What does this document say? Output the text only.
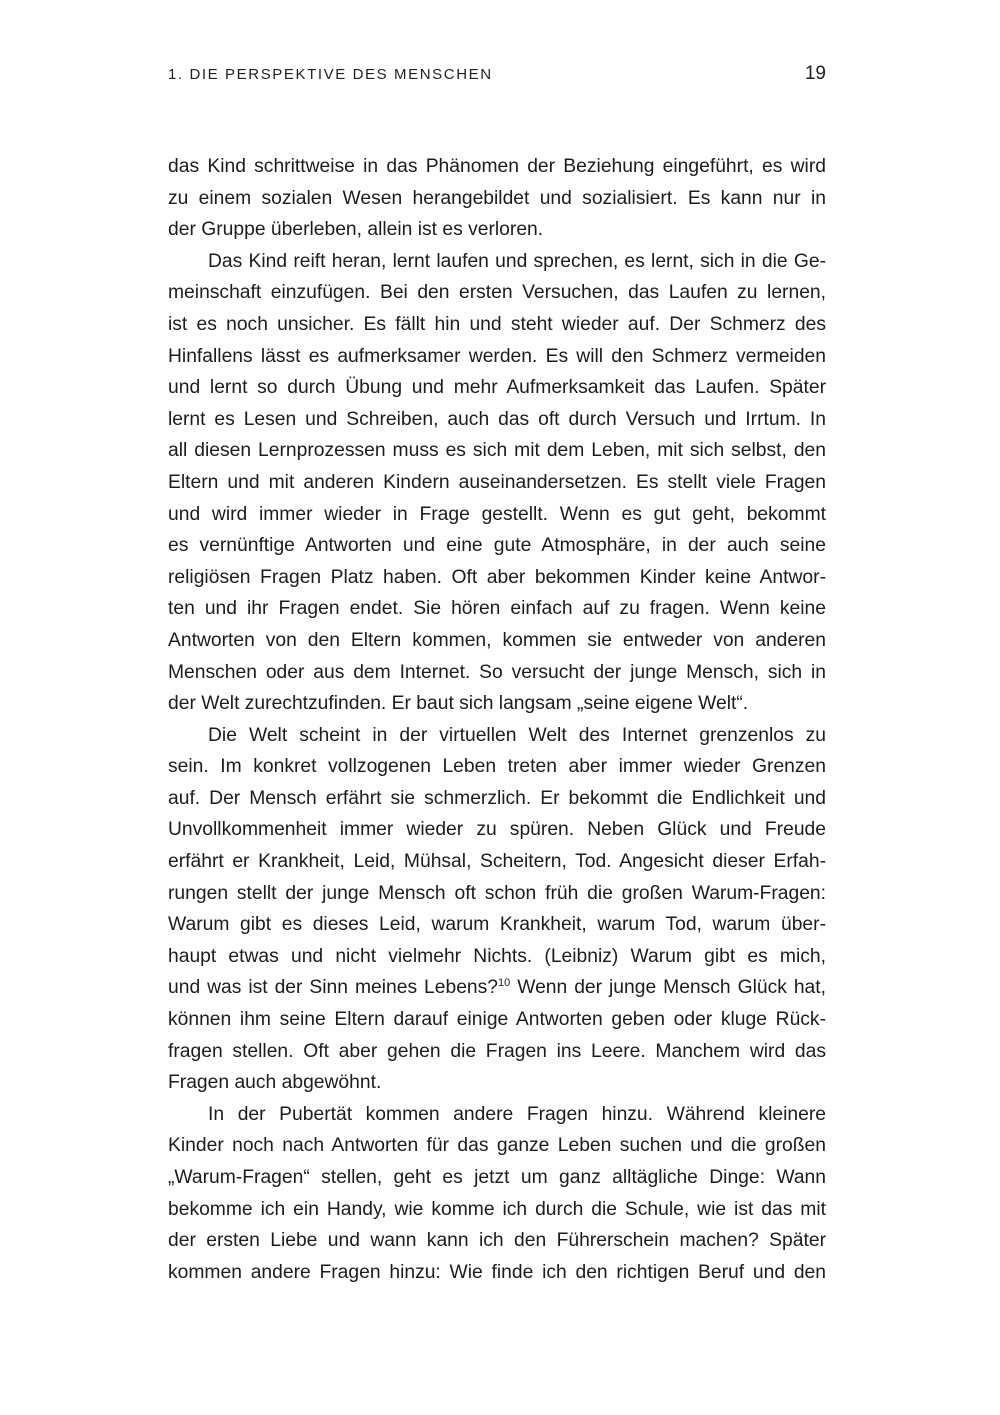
1. DIE PERSPEKTIVE DES MENSCHEN	19

das Kind schrittweise in das Phänomen der Beziehung eingeführt, es wird
zu einem sozialen Wesen herangebildet und sozialisiert. Es kann nur in
der Gruppe überleben, allein ist es verloren.

Das Kind reift heran, lernt laufen und sprechen, es lernt, sich in die Ge-
meinschaft einzufügen. Bei den ersten Versuchen, das Laufen zu lernen,
ist es noch unsicher. Es fällt hin und steht wieder auf. Der Schmerz des
Hinfallens lässt es aufmerksamer werden. Es will den Schmerz vermeiden
und lernt so durch Übung und mehr Aufmerksamkeit das Laufen. Später
lernt es Lesen und Schreiben, auch das oft durch Versuch und Irrtum. In
all diesen Lernprozessen muss es sich mit dem Leben, mit sich selbst, den
Eltern und mit anderen Kindern auseinandersetzen. Es stellt viele Fragen
und wird immer wieder in Frage gestellt. Wenn es gut geht, bekommt
es vernünftige Antworten und eine gute Atmosphäre, in der auch seine
religiösen Fragen Platz haben. Oft aber bekommen Kinder keine Antwor-
ten und ihr Fragen endet. Sie hören einfach auf zu fragen. Wenn keine
Antworten von den Eltern kommen, kommen sie entweder von anderen
Menschen oder aus dem Internet. So versucht der junge Mensch, sich in
der Welt zurechtzufinden. Er baut sich langsam „seine eigene Welt“.

Die Welt scheint in der virtuellen Welt des Internet grenzenlos zu
sein. Im konkret vollzogenen Leben treten aber immer wieder Grenzen
auf. Der Mensch erfährt sie schmerzlich. Er bekommt die Endlichkeit und
Unvollkommenheit immer wieder zu spüren. Neben Glück und Freude
erfährt er Krankheit, Leid, Mühsal, Scheitern, Tod. Angesicht dieser Erfah-
rungen stellt der junge Mensch oft schon früh die großen Warum-Fragen:
Warum gibt es dieses Leid, warum Krankheit, warum Tod, warum über-
haupt etwas und nicht vielmehr Nichts. (Leibniz) Warum gibt es mich,
und was ist der Sinn meines Lebens?$^{10}$ Wenn der junge Mensch Glück hat,
können ihm seine Eltern darauf einige Antworten geben oder kluge Rück-
fragen stellen. Oft aber gehen die Fragen ins Leere. Manchem wird das
Fragen auch abgewöhnt.

In der Pubertät kommen andere Fragen hinzu. Während kleinere
Kinder noch nach Antworten für das ganze Leben suchen und die großen
„Warum-Fragen“ stellen, geht es jetzt um ganz alltägliche Dinge: Wann
bekomme ich ein Handy, wie komme ich durch die Schule, wie ist das mit
der ersten Liebe und wann kann ich den Führerschein machen? Später
kommen andere Fragen hinzu: Wie finde ich den richtigen Beruf und den
